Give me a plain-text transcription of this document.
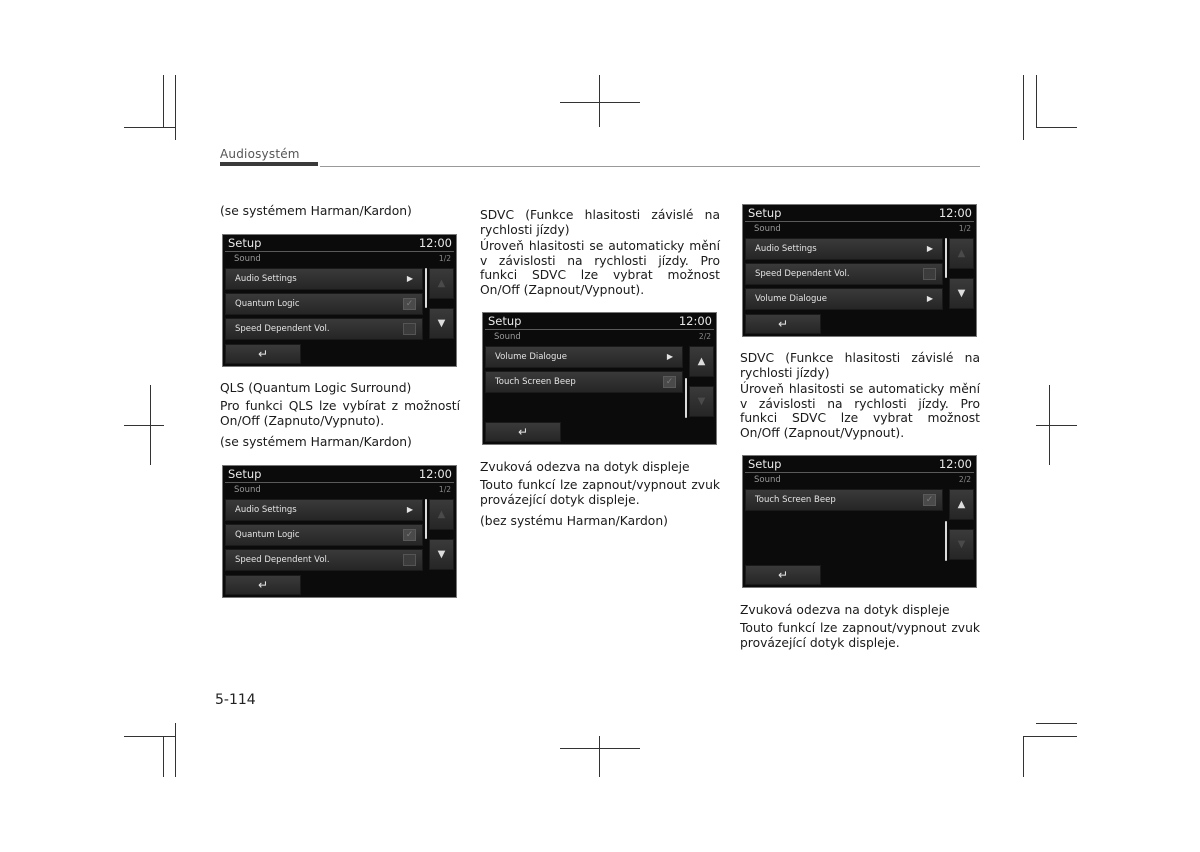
Audiosystém
(se systémem Harman/Kardon)
Setup	12:00
Sound	1/2
Audio Settings	▶
Quantum Logic	✓
Speed Dependent Vol.
▲
▼
↵
QLS (Quantum Logic Surround)
Pro funkci QLS lze vybírat z možností On/Off (Zapnuto/Vypnuto).
(se systémem Harman/Kardon)
Setup	12:00
Sound	1/2
Audio Settings	▶
Quantum Logic	✓
Speed Dependent Vol.
▲
▼
↵
SDVC (Funkce hlasitosti závislé na rychlosti jízdy)
Úroveň hlasitosti se automaticky mění v závislosti na rychlosti jízdy. Pro funkci SDVC lze vybrat možnost On/Off (Zapnout/Vypnout).
Setup	12:00
Sound	2/2
Volume Dialogue	▶
Touch Screen Beep	✓
▲
▼
↵
Zvuková odezva na dotyk displeje
Touto funkcí lze zapnout/vypnout zvuk provázející dotyk displeje.
(bez systému Harman/Kardon)
Setup	12:00
Sound	1/2
Audio Settings	▶
Speed Dependent Vol.
Volume Dialogue	▶
▲
▼
↵
SDVC (Funkce hlasitosti závislé na rychlosti jízdy)
Úroveň hlasitosti se automaticky mění v závislosti na rychlosti jízdy. Pro funkci SDVC lze vybrat možnost On/Off (Zapnout/Vypnout).
Setup	12:00
Sound	2/2
Touch Screen Beep	✓	▲
▼
↵
Zvuková odezva na dotyk displeje
Touto funkcí lze zapnout/vypnout zvuk provázející dotyk displeje.
5-114
